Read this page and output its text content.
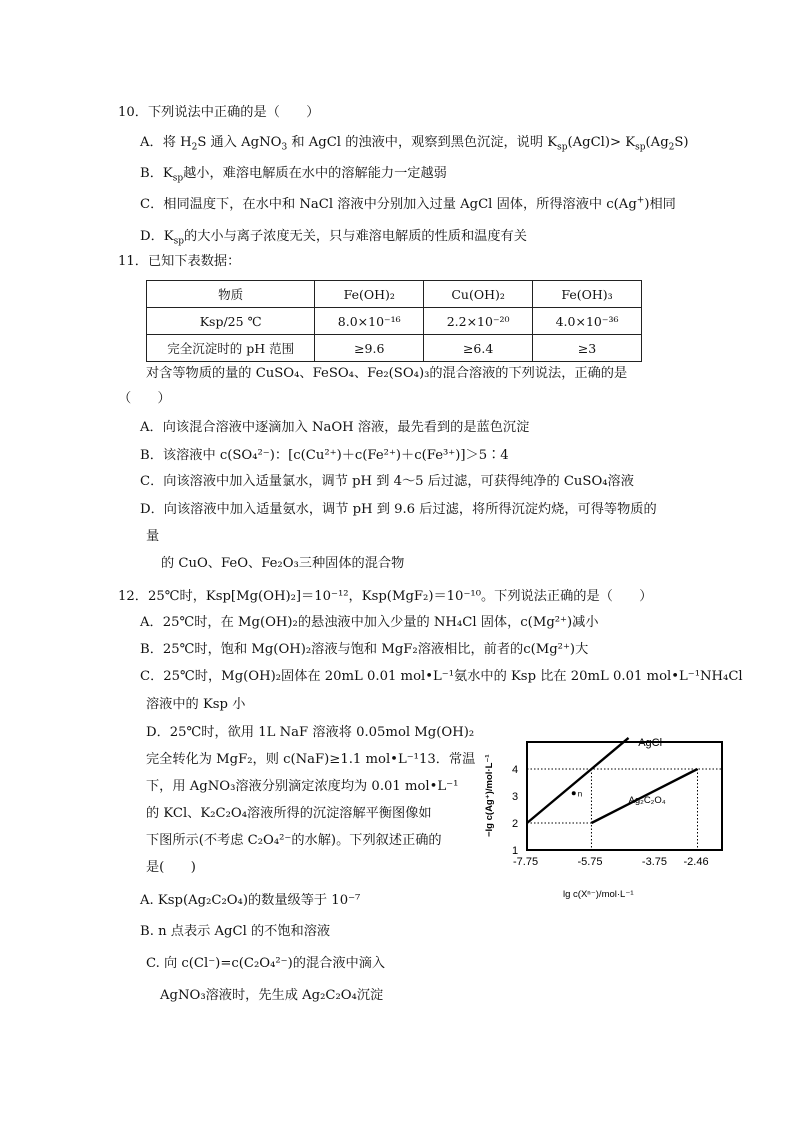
10．下列说法中正确的是（　　）
A．将 $H_2S$ 通入 AgNO$_3$ 和 AgCl 的浊液中，观察到黑色沉淀，说明 $K_{sp}(AgCl)> K_{sp}(Ag_2S)$
B．$K_{sp}$越小，难溶电解质在水中的溶解能力一定越弱
C．相同温度下，在水中和 NaCl 溶液中分别加入过量 AgCl 固体，所得溶液中 c(Ag+)相同
D．$K_{sp}$的大小与离子浓度无关，只与难溶电解质的性质和温度有关
11．已知下表数据：
物质	Fe(OH)₂	Cu(OH)₂	Fe(OH)₃
Ksp/25 ℃	8.0×10⁻¹⁶	2.2×10⁻²⁰	4.0×10⁻³⁶
完全沉淀时的 pH 范围	≥9.6	≥6.4	≥3
对含等物质的量的 CuSO₄、FeSO₄、Fe₂(SO₄)₃的混合溶液的下列说法，正确的是
（　　）
A．向该混合溶液中逐滴加入 NaOH 溶液，最先看到的是蓝色沉淀
B．该溶液中 c(SO₄²⁻)：[c(Cu²⁺)＋c(Fe²⁺)＋c(Fe³⁺)]＞5∶4
C．向该溶液中加入适量氯水，调节 pH 到 4～5 后过滤，可获得纯净的 CuSO₄溶液
D．向该溶液中加入适量氨水，调节 pH 到 9.6 后过滤，将所得沉淀灼烧，可得等物质的
量
的 CuO、FeO、Fe₂O₃三种固体的混合物
12．25℃时，Ksp[Mg(OH)₂]＝10⁻¹²，Ksp(MgF₂)＝10⁻¹⁰。下列说法正确的是（　　）
A．25℃时，在 Mg(OH)₂的悬浊液中加入少量的 NH₄Cl 固体，c(Mg²⁺)减小
B．25℃时，饱和 Mg(OH)₂溶液与饱和 MgF₂溶液相比，前者的c(Mg²⁺)大
C．25℃时，Mg(OH)₂固体在 20mL 0.01 mol•L⁻¹氨水中的 Ksp 比在 20mL 0.01 mol•L⁻¹NH₄Cl
溶液中的 Ksp 小
D．25℃时，欲用 1L NaF 溶液将 0.05mol Mg(OH)₂
完全转化为 MgF₂，则 c(NaF)≥1.1 mol•L⁻¹13．常温
下，用 AgNO₃溶液分别滴定浓度均为 0.01 mol•L⁻¹
的 KCl、K₂C₂O₄溶液所得的沉淀溶解平衡图像如
下图所示(不考虑 C₂O₄²⁻的水解)。下列叙述正确的
是(　　)
A. Ksp(Ag₂C₂O₄)的数量级等于 10⁻⁷
B. n 点表示 AgCl 的不饱和溶液
C. 向 c(Cl⁻)=c(C₂O₄²⁻)的混合液中滴入
AgNO₃溶液时，先生成 Ag₂C₂O₄沉淀
1
2
3
4
-7.75	-5.75	-3.75 -2.46
AgCl
Ag₂C₂O₄
n
−lg c(Ag⁺)/mol·L⁻¹
lg c(Xⁿ⁻)/mol·L⁻¹
